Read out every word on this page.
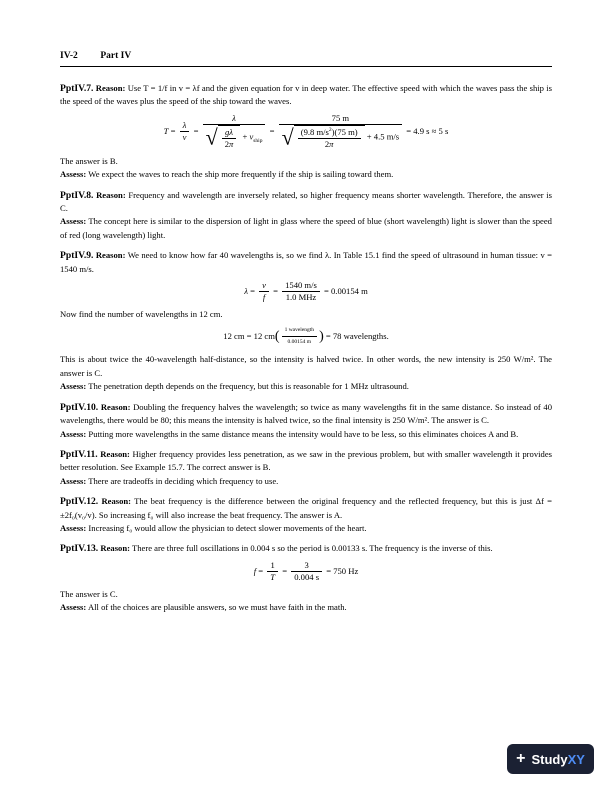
IV-2 Part IV

PptIV.7. Reason: Use T = 1/f in v = λf and the given equation for v in deep water. The effective speed with which the waves pass the ship is the speed of the waves plus the speed of the ship toward the waves.

$T = \frac{\lambda}{v} = \frac{\lambda}{√ \frac{g\lambda}{2\pi} + v_{ship}} = \frac{75 m}{√ \frac{(9.8 m/s^2)(75 m)}{2\pi} + 4.5 m/s} = 4.9$ s ≈ 5 s

The answer is B.

Assess: We expect the waves to reach the ship more frequently if the ship is sailing toward them.

PptIV.8. Reason: Frequency and wavelength are inversely related, so higher frequency means shorter wavelength. Therefore, the answer is C.

Assess: The concept here is similar to the dispersion of light in glass where the speed of blue (short wavelength) light is slower than the speed of red (long wavelength) light.

PptIV.9. Reason: We need to know how far 40 wavelengths is, so we find λ. In Table 15.1 find the speed of ultrasound in human tissue: v = 1540 m/s.

$\lambda = \frac{v}{f} = \frac{1540 m/s}{\text{1.0 MHz}} = 0.00154$ m

Now find the number of wavelengths in 12 cm.

12 cm = 12 $cm( \frac{\text{1 wavelength}}{0.00154 m}$ ) = 78 wavelengths.

This is about twice the 40-wavelength half-distance, so the intensity is halved twice. In other words, the new intensity is 250 W/m². The answer is C.

Assess: The penetration depth depends on the frequency, but this is reasonable for 1 MHz ultrasound.

PptIV.10. Reason: Doubling the frequency halves the wavelength; so twice as many wavelengths fit in the same distance. So instead of 40 wavelengths, there would be 80; this means the intensity is halved twice, so the final intensity is 250 W/m². The answer is C.

Assess: Putting more wavelengths in the same distance means the intensity would have to be less, so this eliminates choices A and B.

PptIV.11. Reason: Higher frequency provides less penetration, as we saw in the previous problem, but with smaller wavelength it provides better resolution. See Example 15.7. The correct answer is B.

Assess: There are tradeoffs in deciding which frequency to use.

PptIV.12. Reason: The beat frequency is the difference between the original frequency and the reflected frequency, but this is just Δf = ±2f₀(v₀/v). So increasing f₀ will also increase the beat frequency. The answer is A.

Assess: Increasing f₀ would allow the physician to detect slower movements of the heart.

PptIV.13. Reason: There are three full oscillations in 0.004 s so the period is 0.00133 s. The frequency is the inverse of this.

$f = \frac{1}{T} = \frac{3}{0.004 s} = 750$ Hz

The answer is C.

Assess: All of the choices are plausible answers, so we must have faith in the math.

+ Study XY
